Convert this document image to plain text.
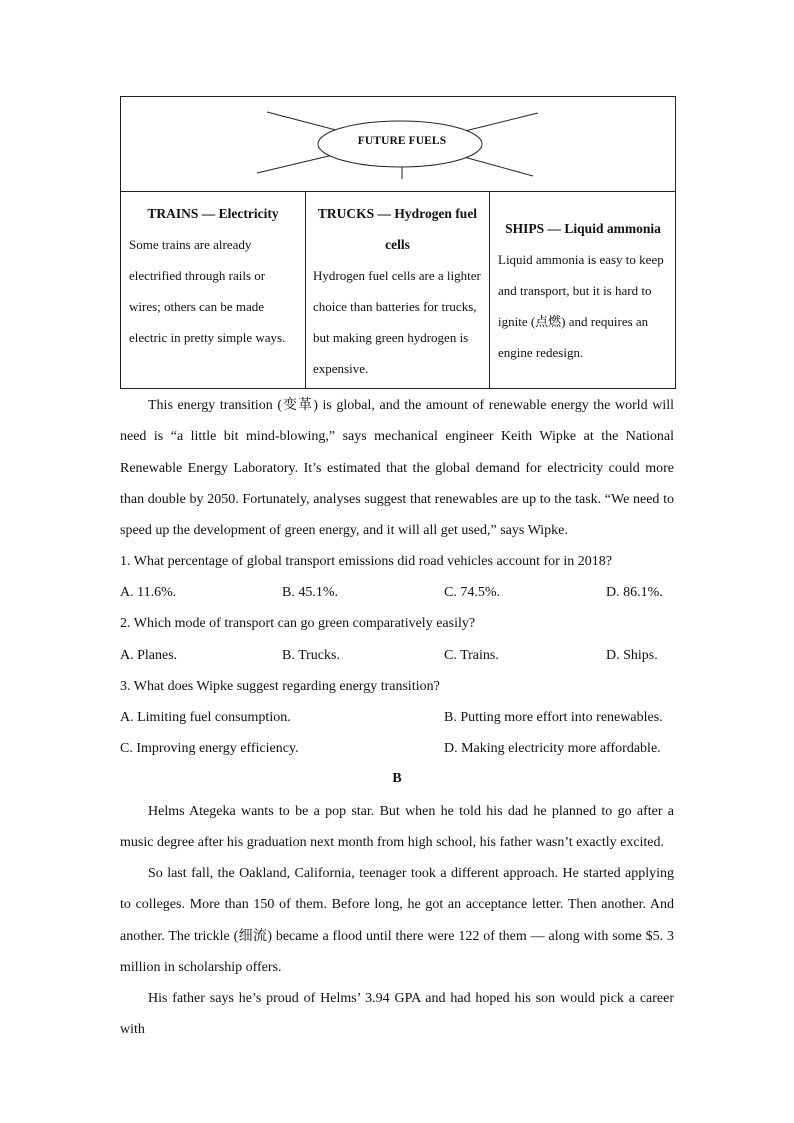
FUTURE FUELS
TRAINS — Electricity
Some trains are already electrified through rails or wires; others can be made electric in pretty simple ways.
TRUCKS — Hydrogen fuel
cells
Hydrogen fuel cells are a lighter choice than batteries for trucks, but making green hydrogen is expensive.
SHIPS — Liquid ammonia
Liquid ammonia is easy to keep and transport, but it is hard to ignite (点燃) and requires an engine redesign.
This energy transition (变革) is global, and the amount of renewable energy the world will need is “a little bit mind-blowing,” says mechanical engineer Keith Wipke at the National Renewable Energy Laboratory. It’s estimated that the global demand for electricity could more than double by 2050. Fortunately, analyses suggest that renewables are up to the task. “We need to speed up the development of green energy, and it will all get used,” says Wipke.
1. What percentage of global transport emissions did road vehicles account for in 2018?
A. 11.6%.	B. 45.1%.	C. 74.5%.	D. 86.1%.
2. Which mode of transport can go green comparatively easily?
A. Planes.	B. Trucks.	C. Trains.	D. Ships.
3. What does Wipke suggest regarding energy transition?
A. Limiting fuel consumption.	B. Putting more effort into renewables.
C. Improving energy efficiency.	D. Making electricity more affordable.
B
Helms Ategeka wants to be a pop star. But when he told his dad he planned to go after a music degree after his graduation next month from high school, his father wasn’t exactly excited.
So last fall, the Oakland, California, teenager took a different approach. He started applying to colleges. More than 150 of them. Before long, he got an acceptance letter. Then another. And another. The trickle (细流) became a flood until there were 122 of them — along with some $5. 3 million in scholarship offers.
His father says he’s proud of Helms’ 3.94 GPA and had hoped his son would pick a career with
